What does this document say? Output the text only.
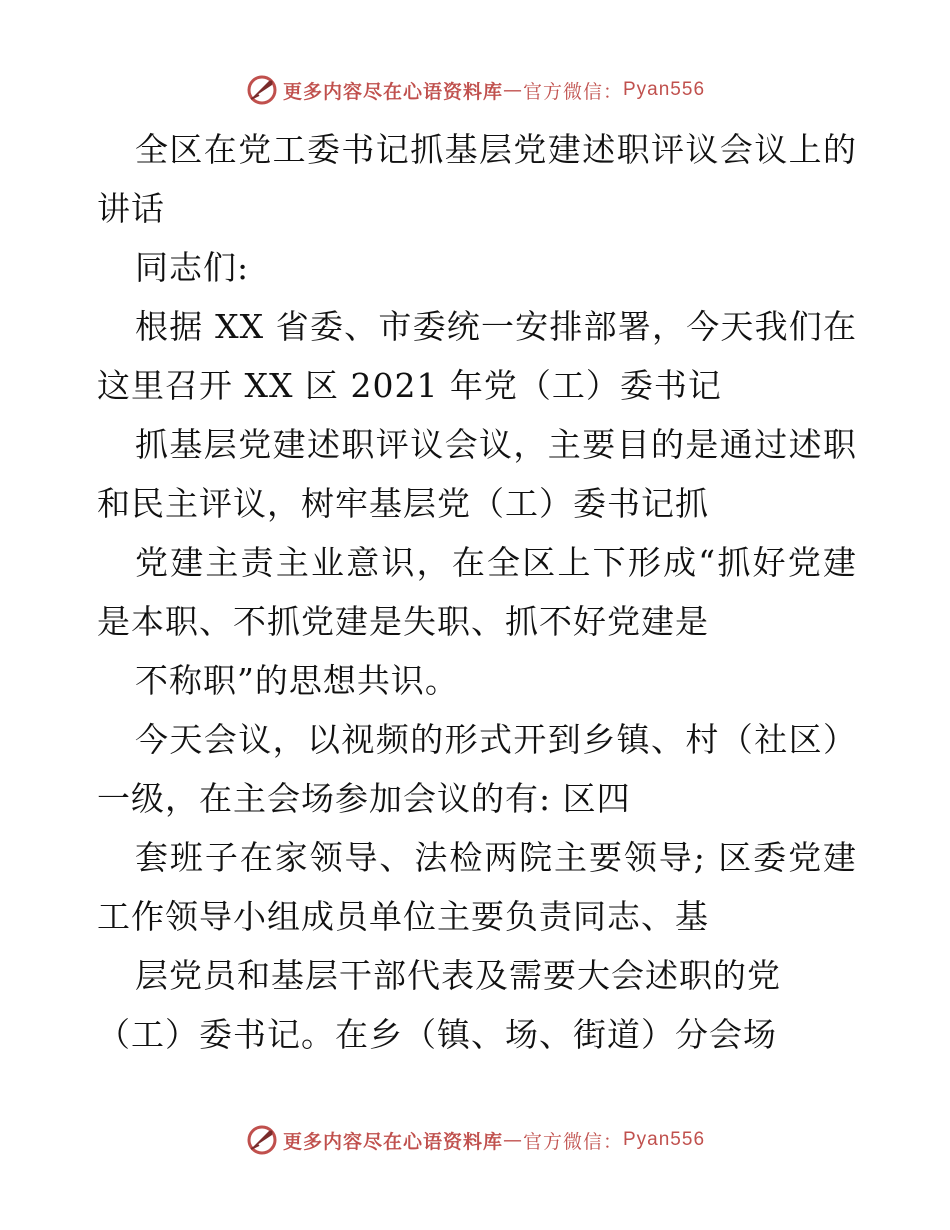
更多内容尽在心语资料库 — 官方微信： Pyan556
全区在党工委书记抓基层党建述职评议会议上的
讲话
同志们:
根据 XX 省委、市委统一安排部署，今天我们在
这里召开 XX 区 2021 年党（工）委书记
抓基层党建述职评议会议，主要目的是通过述职
和民主评议，树牢基层党（工）委书记抓
党建主责主业意识，在全区上下形成“抓好党建
是本职、不抓党建是失职、抓不好党建是
不称职”的思想共识。
今天会议，以视频的形式开到乡镇、村（社区）
一级，在主会场参加会议的有: 区四
套班子在家领导、法检两院主要领导; 区委党建
工作领导小组成员单位主要负责同志、基
层党员和基层干部代表及需要大会述职的党
（工）委书记。在乡（镇、场、街道）分会场
更多内容尽在心语资料库 — 官方微信： Pyan556
